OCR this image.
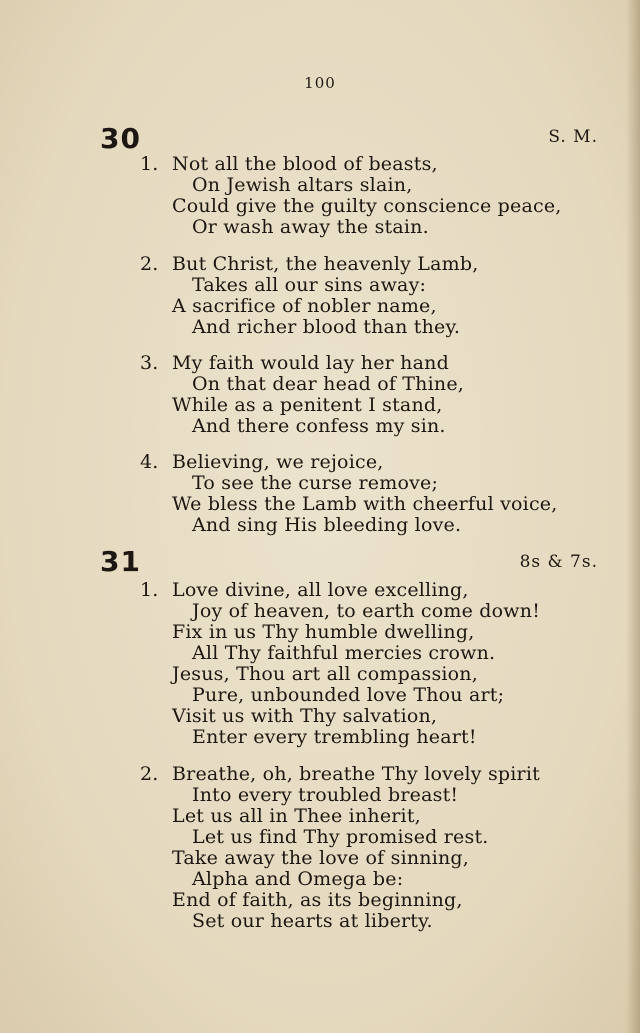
100
30	S. M.
1. Not all the blood of beasts,
On Jewish altars slain,
Could give the guilty conscience peace,
Or wash away the stain.
2. But Christ, the heavenly Lamb,
Takes all our sins away:
A sacrifice of nobler name,
And richer blood than they.
3. My faith would lay her hand
On that dear head of Thine,
While as a penitent I stand,
And there confess my sin.
4. Believing, we rejoice,
To see the curse remove;
We bless the Lamb with cheerful voice,
And sing His bleeding love.
31	8s & 7s.
1. Love divine, all love excelling,
Joy of heaven, to earth come down!
Fix in us Thy humble dwelling,
All Thy faithful mercies crown.
Jesus, Thou art all compassion,
Pure, unbounded love Thou art;
Visit us with Thy salvation,
Enter every trembling heart!
2. Breathe, oh, breathe Thy lovely spirit
Into every troubled breast!
Let us all in Thee inherit,
Let us find Thy promised rest.
Take away the love of sinning,
Alpha and Omega be:
End of faith, as its beginning,
Set our hearts at liberty.
